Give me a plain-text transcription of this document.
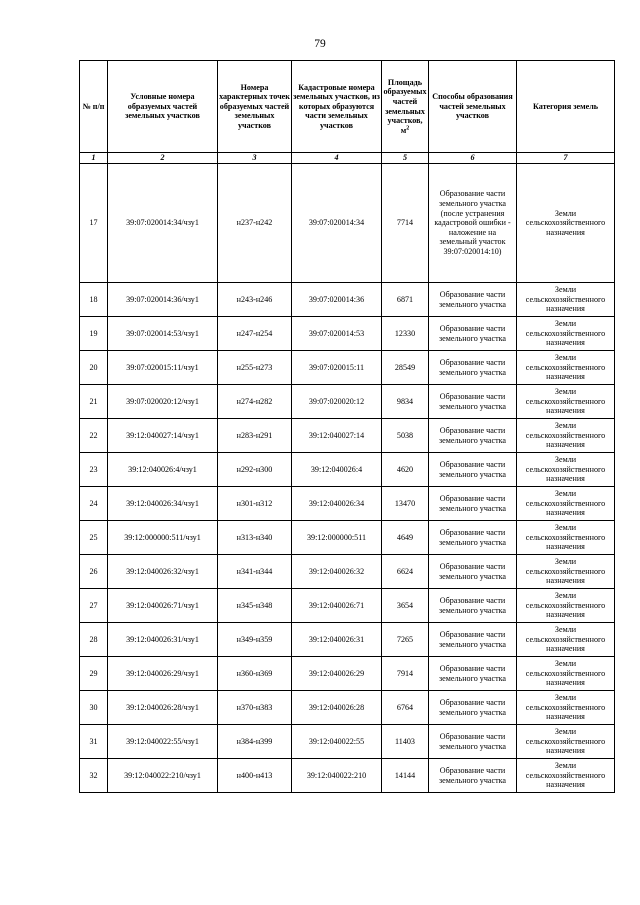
79
№ п/п	Условные номера образуемых частей земельных участков	Номера характерных точек образуемых частей земельных участков	Кадастровые номера земельных участков, из которых образуются части земельных участков	Площадь образуемых частей земельных участков, $м^2$	Способы образования частей земельных участков	Категория земель
1	2	3	4	5	6	7
17	39:07:020014:34/чзу1	н237-н242	39:07:020014:34	7714	Образование части земельного участка (после устранения кадастровой ошибки - наложение на земельный участок 39:07:020014:10)	Земли сельскохозяйственного назначения
18	39:07:020014:36/чзу1	н243-н246	39:07:020014:36	6871	Образование части земельного участка	Земли сельскохозяйственного назначения
19	39:07:020014:53/чзу1	н247-н254	39:07:020014:53	12330	Образование части земельного участка	Земли сельскохозяйственного назначения
20	39:07:020015:11/чзу1	н255-н273	39:07:020015:11	28549	Образование части земельного участка	Земли сельскохозяйственного назначения
21	39:07:020020:12/чзу1	н274-н282	39:07:020020:12	9834	Образование части земельного участка	Земли сельскохозяйственного назначения
22	39:12:040027:14/чзу1	н283-н291	39:12:040027:14	5038	Образование части земельного участка	Земли сельскохозяйственного назначения
23	39:12:040026:4/чзу1	н292-н300	39:12:040026:4	4620	Образование части земельного участка	Земли сельскохозяйственного назначения
24	39:12:040026:34/чзу1	н301-н312	39:12:040026:34	13470	Образование части земельного участка	Земли сельскохозяйственного назначения
25	39:12:000000:511/чзу1	н313-н340	39:12:000000:511	4649	Образование части земельного участка	Земли сельскохозяйственного назначения
26	39:12:040026:32/чзу1	н341-н344	39:12:040026:32	6624	Образование части земельного участка	Земли сельскохозяйственного назначения
27	39:12:040026:71/чзу1	н345-н348	39:12:040026:71	3654	Образование части земельного участка	Земли сельскохозяйственного назначения
28	39:12:040026:31/чзу1	н349-н359	39:12:040026:31	7265	Образование части земельного участка	Земли сельскохозяйственного назначения
29	39:12:040026:29/чзу1	н360-н369	39:12:040026:29	7914	Образование части земельного участка	Земли сельскохозяйственного назначения
30	39:12:040026:28/чзу1	н370-н383	39:12:040026:28	6764	Образование части земельного участка	Земли сельскохозяйственного назначения
31	39:12:040022:55/чзу1	н384-н399	39:12:040022:55	11403	Образование части земельного участка	Земли сельскохозяйственного назначения
32	39:12:040022:210/чзу1	н400-н413	39:12:040022:210	14144	Образование части земельного участка	Земли сельскохозяйственного назначения
